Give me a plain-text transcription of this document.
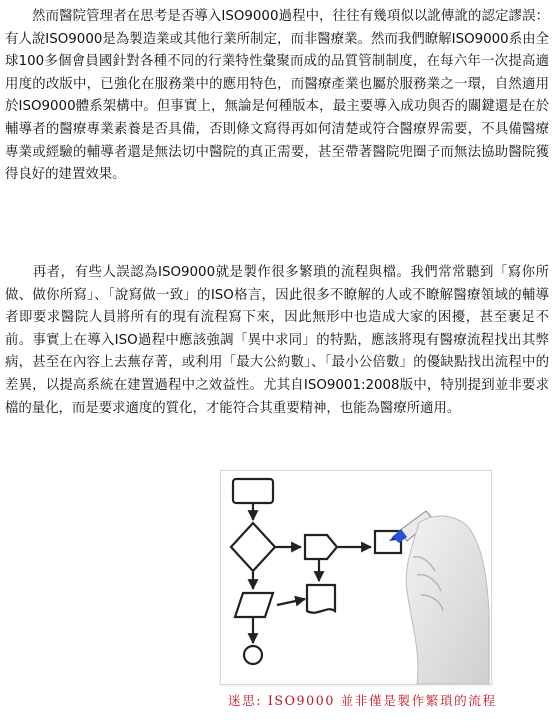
　　然而醫院管理者在思考是否導入ISO9000過程中，往往有幾項似以訛傳訛的認定謬誤：有人說ISO9000是為製造業或其他行業所制定，而非醫療業。然而我們瞭解ISO9000系由全球100多個會員國針對各種不同的行業特性彙聚而成的品質管制制度，在每六年一次提高適用度的改版中，已強化在服務業中的應用特色，而醫療產業也屬於服務業之一環，自然適用於ISO9000體系架構中。但事實上，無論是何種版本，最主要導入成功與否的關鍵還是在於輔導者的醫療專業素養是否具備，否則條文寫得再如何清楚或符合醫療界需要，不具備醫療專業或經驗的輔導者還是無法切中醫院的真正需要，甚至帶著醫院兜圈子而無法協助醫院獲得良好的建置效果。

　　再者，有些人誤認為ISO9000就是製作很多繁瑣的流程與檔。我們常常聽到「寫你所做、做你所寫」、「說寫做一致」的ISO格言，因此很多不瞭解的人或不瞭解醫療領域的輔導者即要求醫院人員將所有的現有流程寫下來，因此無形中也造成大家的困擾，甚至裹足不前。事實上在導入ISO過程中應該強調「異中求同」的特點，應該將現有醫療流程找出其弊病，甚至在內容上去蕪存菁，或利用「最大公約數」、「最小公倍數」的優缺點找出流程中的差異，以提高系統在建置過程中之效益性。尤其自ISO9001:2008版中，特別提到並非要求檔的量化，而是要求適度的質化，才能符合其重要精神，也能為醫療所適用。

迷思: ISO9000 並非僅是製作繁瑣的流程
